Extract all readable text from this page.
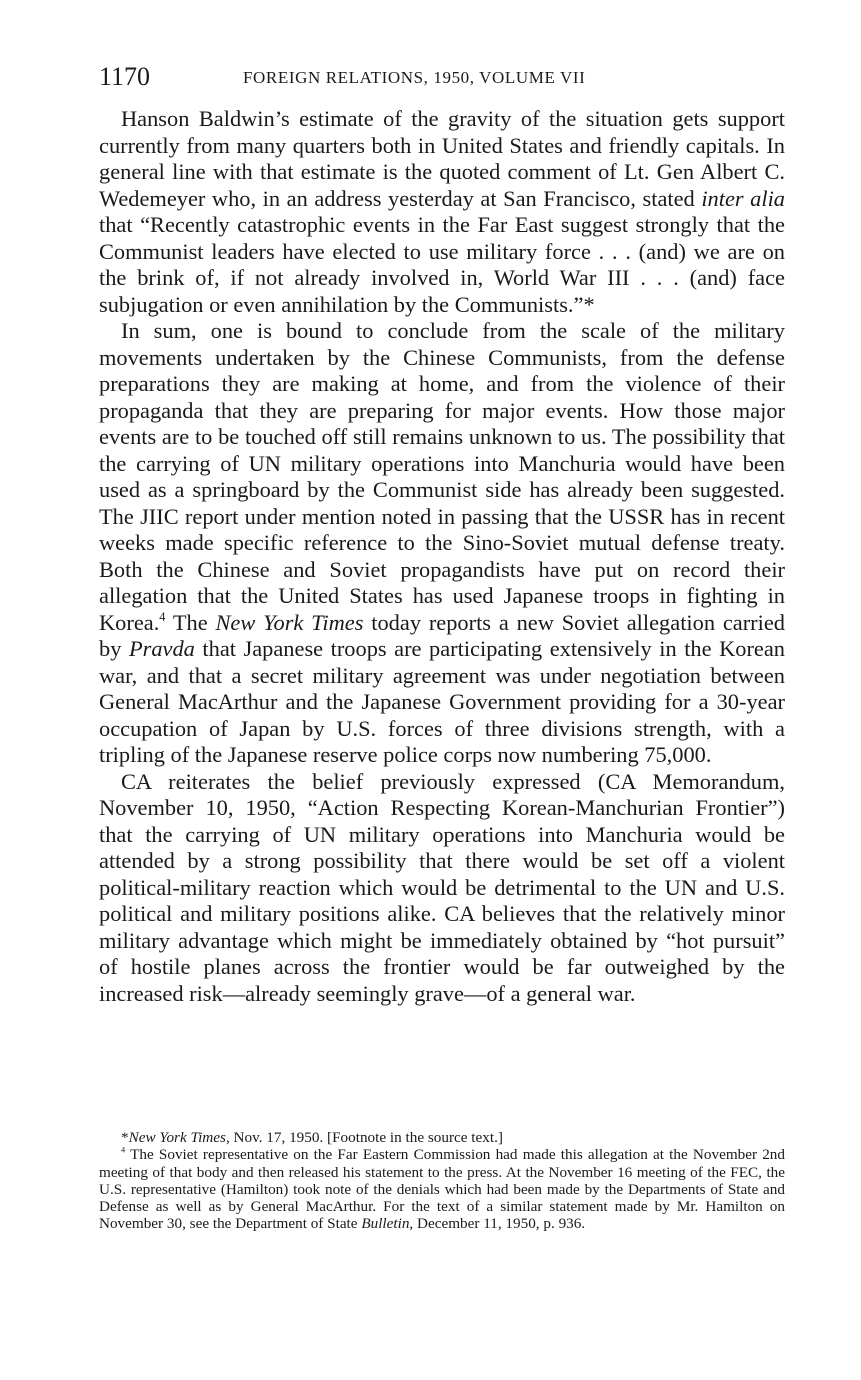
1170	FOREIGN RELATIONS, 1950, VOLUME VII

Hanson Baldwin’s estimate of the gravity of the situation gets support currently from many quarters both in United States and friendly capitals. In general line with that estimate is the quoted comment of Lt. Gen Albert C. Wedemeyer who, in an address yesterday at San Francisco, stated inter alia that “Recently catastrophic events in the Far East suggest strongly that the Communist leaders have elected to use military force . . . (and) we are on the brink of, if not already involved in, World War III . . . (and) face subjugation or even annihilation by the Communists.”*

In sum, one is bound to conclude from the scale of the military movements undertaken by the Chinese Communists, from the defense preparations they are making at home, and from the violence of their propaganda that they are preparing for major events. How those major events are to be touched off still remains unknown to us. The possibility that the carrying of UN military operations into Manchuria would have been used as a springboard by the Communist side has already been suggested. The JIIC report under mention noted in passing that the USSR has in recent weeks made specific reference to the Sino-Soviet mutual defense treaty. Both the Chinese and Soviet propagandists have put on record their allegation that the United States has used Japanese troops in fighting in Korea.$^4$ The New York Times today reports a new Soviet allegation carried by Pravda that Japanese troops are participating extensively in the Korean war, and that a secret military agreement was under negotiation between General MacArthur and the Japanese Government providing for a 30-year occupation of Japan by U.S. forces of three divisions strength, with a tripling of the Japanese reserve police corps now numbering 75,000.

CA reiterates the belief previously expressed (CA Memorandum, November 10, 1950, “Action Respecting Korean-Manchurian Frontier”) that the carrying of UN military operations into Manchuria would be attended by a strong possibility that there would be set off a violent political-military reaction which would be detrimental to the UN and U.S. political and military positions alike. CA believes that the relatively minor military advantage which might be immediately obtained by “hot pursuit” of hostile planes across the frontier would be far outweighed by the increased risk—already seemingly grave—of a general war.

*New York Times, Nov. 17, 1950. [Footnote in the source text.]

$^4$ The Soviet representative on the Far Eastern Commission had made this allegation at the November 2nd meeting of that body and then released his statement to the press. At the November 16 meeting of the FEC, the U.S. representative (Hamilton) took note of the denials which had been made by the Departments of State and Defense as well as by General MacArthur. For the text of a similar statement made by Mr. Hamilton on November 30, see the Department of State Bulletin, December 11, 1950, p. 936.
